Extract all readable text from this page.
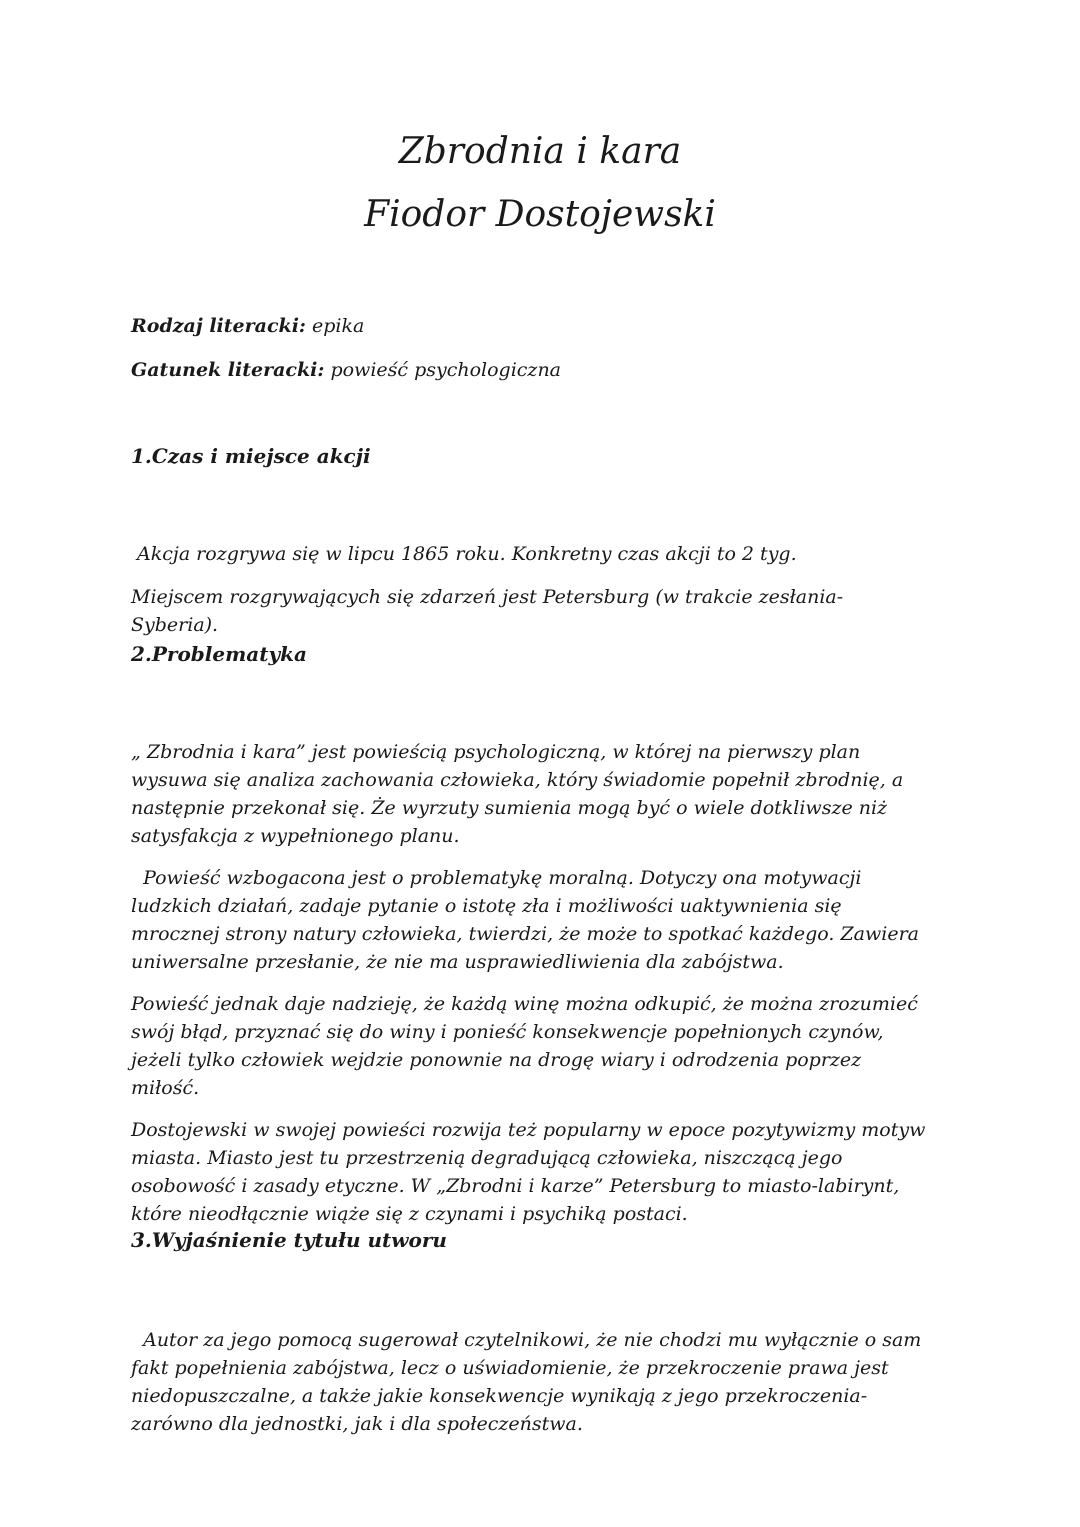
Zbrodnia i kara
Fiodor Dostojewski

Rodzaj literacki: epika

Gatunek literacki: powieść psychologiczna

1.Czas i miejsce akcji

Akcja rozgrywa się w lipcu 1865 roku. Konkretny czas akcji to 2 tyg.

Miejscem rozgrywających się zdarzeń jest Petersburg (w trakcie zesłania-
Syberia).

2.Problematyka

„ Zbrodnia i kara” jest powieścią psychologiczną, w której na pierwszy plan
wysuwa się analiza zachowania człowieka, który świadomie popełnił zbrodnię, a
następnie przekonał się. Że wyrzuty sumienia mogą być o wiele dotkliwsze niż
satysfakcja z wypełnionego planu.

Powieść wzbogacona jest o problematykę moralną. Dotyczy ona motywacji
ludzkich działań, zadaje pytanie o istotę zła i możliwości uaktywnienia się
mrocznej strony natury człowieka, twierdzi, że może to spotkać każdego. Zawiera
uniwersalne przesłanie, że nie ma usprawiedliwienia dla zabójstwa.

Powieść jednak daje nadzieję, że każdą winę można odkupić, że można zrozumieć
swój błąd, przyznać się do winy i ponieść konsekwencje popełnionych czynów,
jeżeli tylko człowiek wejdzie ponownie na drogę wiary i odrodzenia poprzez
miłość.

Dostojewski w swojej powieści rozwija też popularny w epoce pozytywizmy motyw
miasta. Miasto jest tu przestrzenią degradującą człowieka, niszczącą jego
osobowość i zasady etyczne. W „Zbrodni i karze” Petersburg to miasto-labirynt,
które nieodłącznie wiąże się z czynami i psychiką postaci.

3.Wyjaśnienie tytułu utworu

Autor za jego pomocą sugerował czytelnikowi, że nie chodzi mu wyłącznie o sam
fakt popełnienia zabójstwa, lecz o uświadomienie, że przekroczenie prawa jest
niedopuszczalne, a także jakie konsekwencje wynikają z jego przekroczenia-
zarówno dla jednostki, jak i dla społeczeństwa.
